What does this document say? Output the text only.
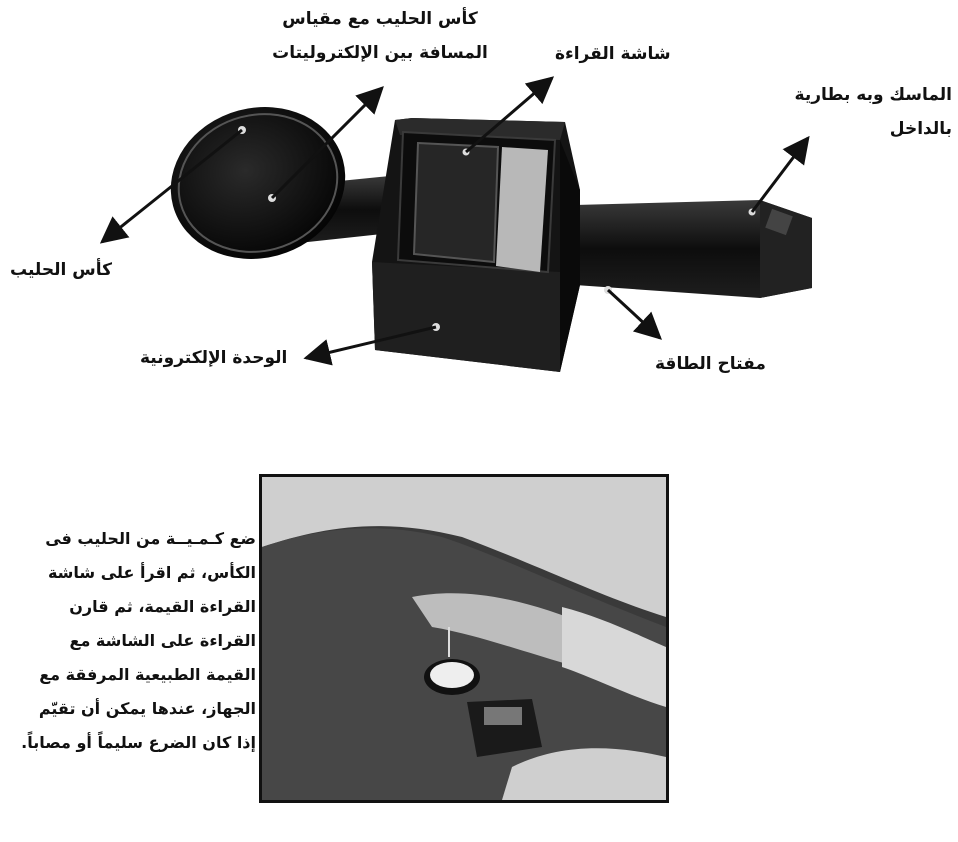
كأس الحليب مع مقياس
المسافة بين الإلكتروليتات	شاشة القراءة
الماسك وبه بطارية
بالداخل
كأس الحليب
مفتاح الطاقة
الوحدة الإلكترونية
ضع كـمـيــة من الحليب فى
الكأس، ثم اقرأ على شاشة
القراءة القيمة، ثم قارن
القراءة على الشاشة مع
القيمة الطبيعية المرفقة مع
الجهاز، عندها يمكن أن تقيّم
إذا كان الضرع سليماً أو مصاباً.
